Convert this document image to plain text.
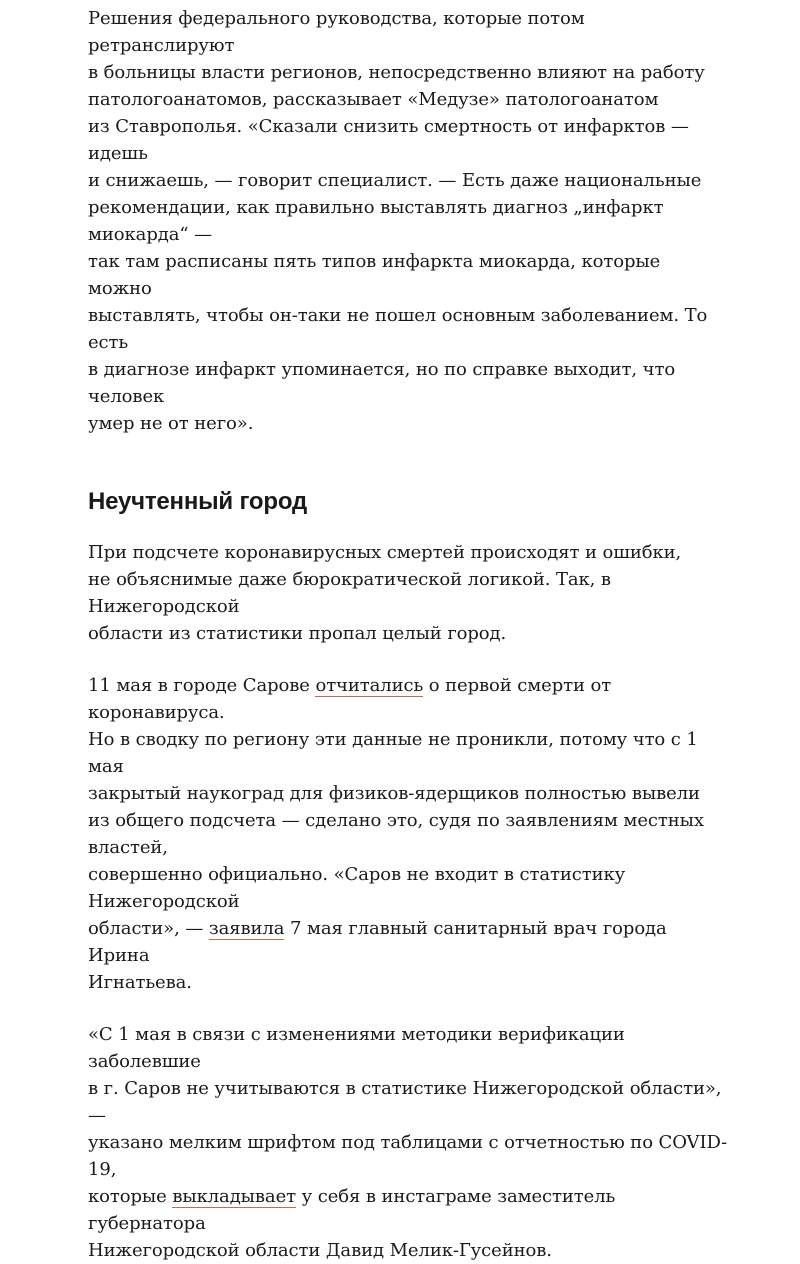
Решения федерального руководства, которые потом ретранслируют
в больницы власти регионов, непосредственно влияют на работу
патологоанатомов, рассказывает «Медузе» патологоанатом
из Ставрополья. «Сказали снизить смертность от инфарктов — идешь
и снижаешь, — говорит специалист. — Есть даже национальные
рекомендации, как правильно выставлять диагноз „инфаркт миокарда“ —
так там расписаны пять типов инфаркта миокарда, которые можно
выставлять, чтобы он-таки не пошел основным заболеванием. То есть
в диагнозе инфаркт упоминается, но по справке выходит, что человек
умер не от него».

Неучтенный город

При подсчете коронавирусных смертей происходят и ошибки,
не объяснимые даже бюрократической логикой. Так, в Нижегородской
области из статистики пропал целый город.

11 мая в городе Сарове отчитались о первой смерти от коронавируса.
Но в сводку по региону эти данные не проникли, потому что с 1 мая
закрытый наукоград для физиков-ядерщиков полностью вывели
из общего подсчета — сделано это, судя по заявлениям местных властей,
совершенно официально. «Саров не входит в статистику Нижегородской
области», — заявила 7 мая главный санитарный врач города Ирина
Игнатьева.

«С 1 мая в связи с изменениями методики верификации заболевшие
в г. Саров не учитываются в статистике Нижегородской области», —
указано мелким шрифтом под таблицами с отчетностью по COVID-19,
которые выкладывает у себя в инстаграме заместитель губернатора
Нижегородской области Давид Мелик-Гусейнов.
